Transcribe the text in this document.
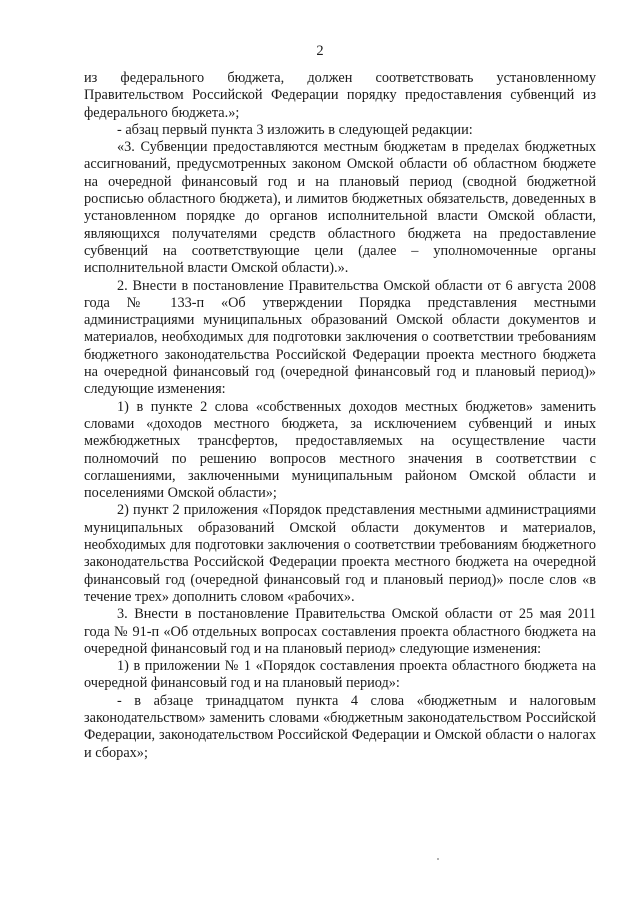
2

из федерального бюджета, должен соответствовать установленному Правительством Российской Федерации порядку предоставления субвенций из федерального бюджета.»;

- абзац первый пункта 3 изложить в следующей редакции:

«3. Субвенции предоставляются местным бюджетам в пределах бюджетных ассигнований, предусмотренных законом Омской области об областном бюджете на очередной финансовый год и на плановый период (сводной бюджетной росписью областного бюджета), и лимитов бюджетных обязательств, доведенных в установленном порядке до органов исполнительной власти Омской области, являющихся получателями средств областного бюджета на предоставление субвенций на соответствующие цели (далее – уполномоченные органы исполнительной власти Омской области).».

2. Внести в постановление Правительства Омской области от 6 августа 2008 года № 133-п «Об утверждении Порядка представления местными администрациями муниципальных образований Омской области документов и материалов, необходимых для подготовки заключения о соответствии требованиям бюджетного законодательства Российской Федерации проекта местного бюджета на очередной финансовый год (очередной финансовый год и плановый период)» следующие изменения:

1) в пункте 2 слова «собственных доходов местных бюджетов» заменить словами «доходов местного бюджета, за исключением субвенций и иных межбюджетных трансфертов, предоставляемых на осуществление части полномочий по решению вопросов местного значения в соответствии с соглашениями, заключенными муниципальным районом Омской области и поселениями Омской области»;

2) пункт 2 приложения «Порядок представления местными администрациями муниципальных образований Омской области документов и материалов, необходимых для подготовки заключения о соответствии требованиям бюджетного законодательства Российской Федерации проекта местного бюджета на очередной финансовый год (очередной финансовый год и плановый период)» после слов «в течение трех» дополнить словом «рабочих».

3. Внести в постановление Правительства Омской области от 25 мая 2011 года № 91-п «Об отдельных вопросах составления проекта областного бюджета на очередной финансовый год и на плановый период» следующие изменения:

1) в приложении № 1 «Порядок составления проекта областного бюджета на очередной финансовый год и на плановый период»:

- в абзаце тринадцатом пункта 4 слова «бюджетным и налоговым законодательством» заменить словами «бюджетным законодательством Российской Федерации, законодательством Российской Федерации и Омской области о налогах и сборах»;
